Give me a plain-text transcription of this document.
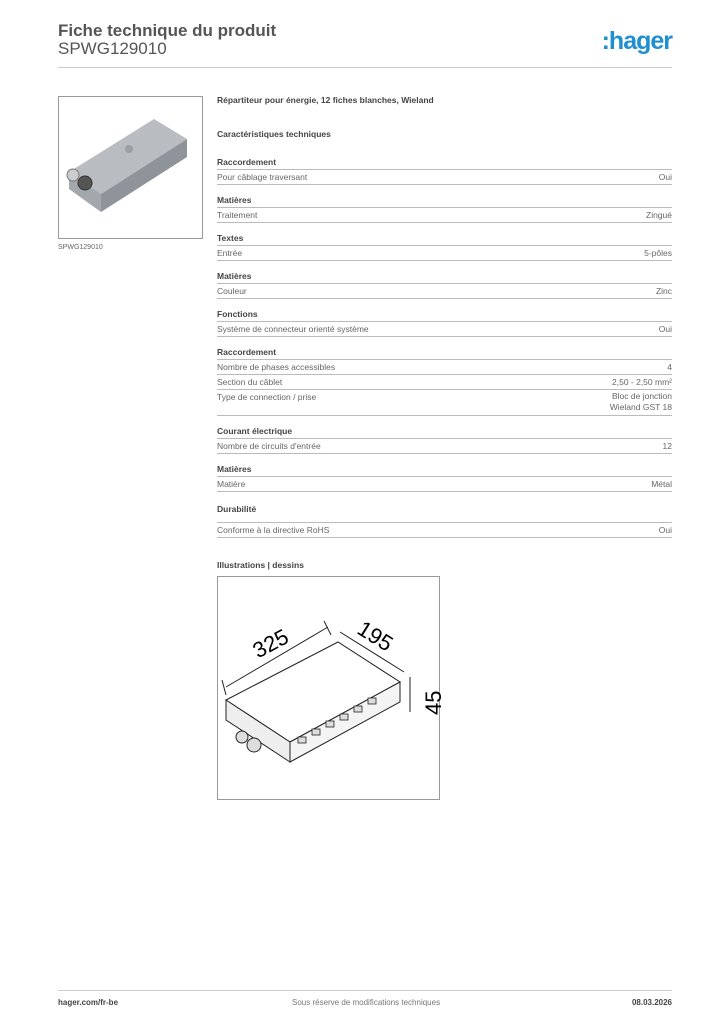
Fiche technique du produit
SPWG129010	:hager
SPWG129010
Répartiteur pour énergie, 12 fiches blanches, Wieland
Caractéristiques techniques
Raccordement
Pour câblage traversant	Oui
Matières
Traitement	Zingué
Textes
Entrée	5-pôles
Matières
Couleur	Zinc
Fonctions
Système de connecteur orienté système	Oui
Raccordement
Nombre de phases accessibles	4
Section du câblet	2,50 - 2,50 mm²
Type de connection / prise	Bloc de jonction
Wieland GST 18
Courant électrique
Nombre de circuits d'entrée	12
Matières
Matière	Métal
Durabilité
Conforme à la directive RoHS	Oui
Illustrations | dessins
325	195
45
hager.com/fr-be	Sous réserve de modifications techniques	08.03.2026
